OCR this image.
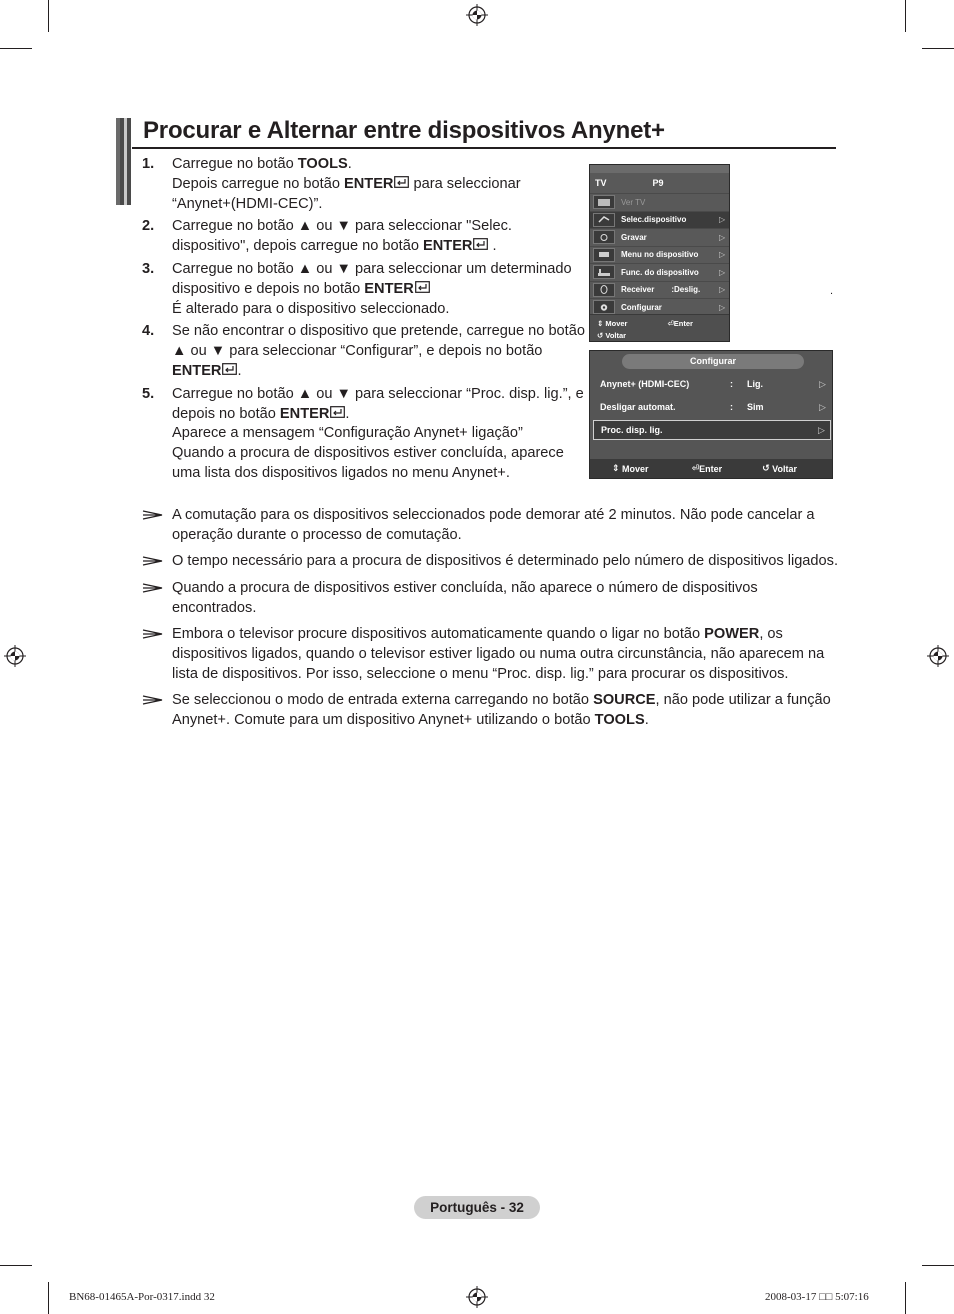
Procurar e Alternar entre dispositivos Anynet+
1.	Carregue no botão TOOLS.
Depois carregue no botão ENTER para seleccionar
“Anynet+(HDMI-CEC)”.
2.	Carregue no botão ▲ ou ▼ para seleccionar "Selec. dispositivo", depois carregue no botão ENTER .
3.	Carregue no botão ▲ ou ▼ para seleccionar um determinado dispositivo e depois no botão ENTER
É alterado para o dispositivo seleccionado.
4.	Se não encontrar o dispositivo que pretende, carregue no botão ▲ ou ▼ para seleccionar “Configurar”, e depois no botão ENTER .
5.	Carregue no botão ▲ ou ▼ para seleccionar “Proc. disp. lig.”, e depois no botão ENTER .
Aparece a mensagem “Configuração Anynet+ ligação”
Quando a procura de dispositivos estiver concluída, aparece uma lista dos dispositivos ligados no menu Anynet+.
TV	P9
Ver TV
Selec.dispositivo	▷
Gravar	▷
Menu no dispositivo	▷
Func. do dispositivo	▷
Receiver :Deslig.	▷
Configurar	▷
⇕ Mover	⏎ Enter
↺ Voltar
.
Configurar
Anynet+ (HDMI-CEC)	:	Lig.	▷
Desligar automat.	:	Sim	▷
Proc. disp. lig.	▷
⇕ Mover	⏎ Enter	↺ Voltar
A comutação para os dispositivos seleccionados pode demorar até 2 minutos. Não pode cancelar a operação durante o processo de comutação.
O tempo necessário para a procura de dispositivos é determinado pelo número de dispositivos ligados.
Quando a procura de dispositivos estiver concluída, não aparece o número de dispositivos encontrados.
Embora o televisor procure dispositivos automaticamente quando o ligar no botão POWER, os dispositivos ligados, quando o televisor estiver ligado ou numa outra circunstância, não aparecem na lista de dispositivos. Por isso, seleccione o menu “Proc. disp. lig.” para procurar os dispositivos.
Se seleccionou o modo de entrada externa carregando no botão SOURCE, não pode utilizar a função Anynet+. Comute para um dispositivo Anynet+ utilizando o botão TOOLS.
Português - 32
BN68-01465A-Por-0317.indd 32	2008-03-17 □□ 5:07:16
